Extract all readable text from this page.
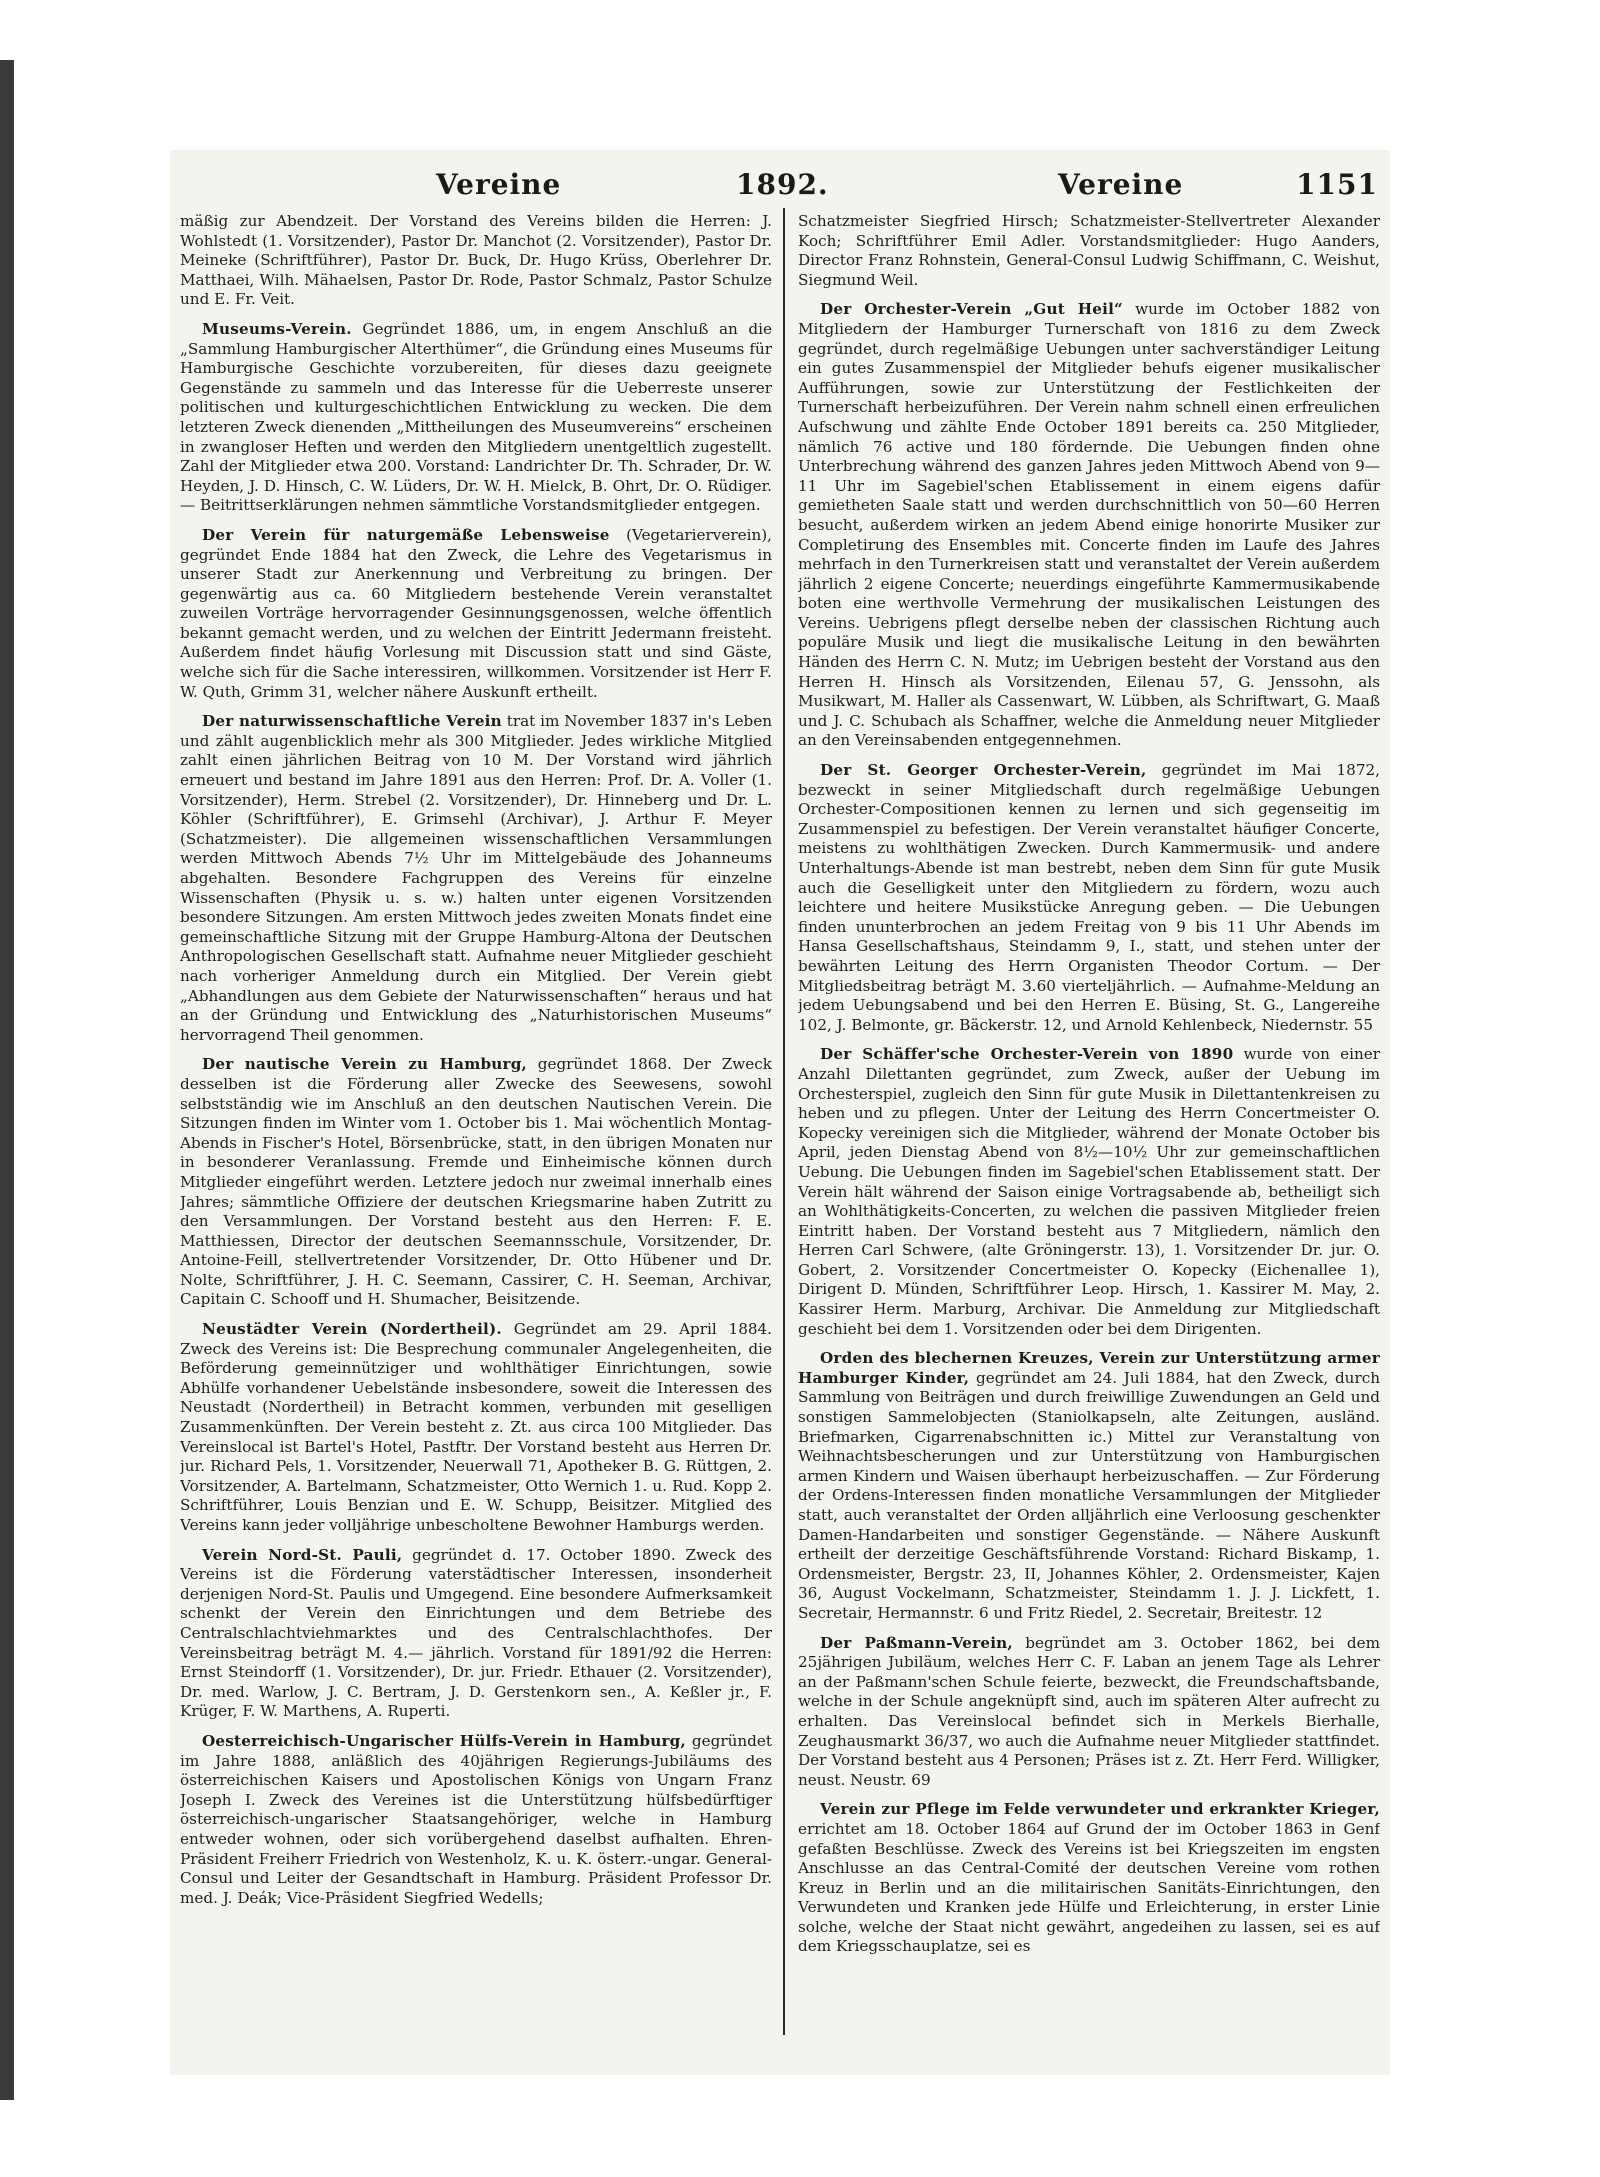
Vereine	1892.	Vereine	1151

mäßig zur Abendzeit. Der Vorstand des Vereins bilden die Herren: J. Wohlstedt (1. Vorsitzender), Pastor Dr. Manchot (2. Vorsitzender), Pastor Dr. Meineke (Schriftführer), Pastor Dr. Buck, Dr. Hugo Krüss, Oberlehrer Dr. Matthaei, Wilh. Mähaelsen, Pastor Dr. Rode, Pastor Schmalz, Pastor Schulze und E. Fr. Veit.

Museums-Verein. Gegründet 1886, um, in engem Anschluß an die „Sammlung Hamburgischer Alterthümer“, die Gründung eines Museums für Hamburgische Geschichte vorzubereiten, für dieses dazu geeignete Gegenstände zu sammeln und das Interesse für die Ueberreste unserer politischen und kulturgeschichtlichen Entwicklung zu wecken. Die dem letzteren Zweck dienenden „Mittheilungen des Museumvereins“ erscheinen in zwangloser Heften und werden den Mitgliedern unentgeltlich zugestellt. Zahl der Mitglieder etwa 200. Vorstand: Landrichter Dr. Th. Schrader, Dr. W. Heyden, J. D. Hinsch, C. W. Lüders, Dr. W. H. Mielck, B. Ohrt, Dr. O. Rüdiger. — Beitrittserklärungen nehmen sämmtliche Vorstandsmitglieder entgegen.

Der Verein für naturgemäße Lebensweise (Vegetarierverein), gegründet Ende 1884 hat den Zweck, die Lehre des Vegetarismus in unserer Stadt zur Anerkennung und Verbreitung zu bringen. Der gegenwärtig aus ca. 60 Mitgliedern bestehende Verein veranstaltet zuweilen Vorträge hervorragender Gesinnungsgenossen, welche öffentlich bekannt gemacht werden, und zu welchen der Eintritt Jedermann freisteht. Außerdem findet häufig Vorlesung mit Discussion statt und sind Gäste, welche sich für die Sache interessiren, willkommen. Vorsitzender ist Herr F. W. Quth, Grimm 31, welcher nähere Auskunft ertheilt.

Der naturwissenschaftliche Verein trat im November 1837 in's Leben und zählt augenblicklich mehr als 300 Mitglieder. Jedes wirkliche Mitglied zahlt einen jährlichen Beitrag von 10 M. Der Vorstand wird jährlich erneuert und bestand im Jahre 1891 aus den Herren: Prof. Dr. A. Voller (1. Vorsitzender), Herm. Strebel (2. Vorsitzender), Dr. Hinneberg und Dr. L. Köhler (Schriftführer), E. Grimsehl (Archivar), J. Arthur F. Meyer (Schatzmeister). Die allgemeinen wissenschaftlichen Versammlungen werden Mittwoch Abends 7½ Uhr im Mittelgebäude des Johanneums abgehalten. Besondere Fachgruppen des Vereins für einzelne Wissenschaften (Physik u. s. w.) halten unter eigenen Vorsitzenden besondere Sitzungen. Am ersten Mittwoch jedes zweiten Monats findet eine gemeinschaftliche Sitzung mit der Gruppe Hamburg-Altona der Deutschen Anthropologischen Gesellschaft statt. Aufnahme neuer Mitglieder geschieht nach vorheriger Anmeldung durch ein Mitglied. Der Verein giebt „Abhandlungen aus dem Gebiete der Naturwissenschaften“ heraus und hat an der Gründung und Entwicklung des „Naturhistorischen Museums“ hervorragend Theil genommen.

Der nautische Verein zu Hamburg, gegründet 1868. Der Zweck desselben ist die Förderung aller Zwecke des Seewesens, sowohl selbstständig wie im Anschluß an den deutschen Nautischen Verein. Die Sitzungen finden im Winter vom 1. October bis 1. Mai wöchentlich Montag-Abends in Fischer's Hotel, Börsenbrücke, statt, in den übrigen Monaten nur in besonderer Veranlassung. Fremde und Einheimische können durch Mitglieder eingeführt werden. Letztere jedoch nur zweimal innerhalb eines Jahres; sämmtliche Offiziere der deutschen Kriegsmarine haben Zutritt zu den Versammlungen. Der Vorstand besteht aus den Herren: F. E. Matthiessen, Director der deutschen Seemannsschule, Vorsitzender, Dr. Antoine-Feill, stellvertretender Vorsitzender, Dr. Otto Hübener und Dr. Nolte, Schriftführer, J. H. C. Seemann, Cassirer, C. H. Seeman, Archivar, Capitain C. Schooff und H. Shumacher, Beisitzende.

Neustädter Verein (Nordertheil). Gegründet am 29. April 1884. Zweck des Vereins ist: Die Besprechung communaler Angelegenheiten, die Beförderung gemeinnütziger und wohlthätiger Einrichtungen, sowie Abhülfe vorhandener Uebelstände insbesondere, soweit die Interessen des Neustadt (Nordertheil) in Betracht kommen, verbunden mit geselligen Zusammenkünften. Der Verein besteht z. Zt. aus circa 100 Mitglieder. Das Vereinslocal ist Bartel's Hotel, Pastftr. Der Vorstand besteht aus Herren Dr. jur. Richard Pels, 1. Vorsitzender, Neuerwall 71, Apotheker B. G. Rüttgen, 2. Vorsitzender, A. Bartelmann, Schatzmeister, Otto Wernich 1. u. Rud. Kopp 2. Schriftführer, Louis Benzian und E. W. Schupp, Beisitzer. Mitglied des Vereins kann jeder volljährige unbescholtene Bewohner Hamburgs werden.

Verein Nord-St. Pauli, gegründet d. 17. October 1890. Zweck des Vereins ist die Förderung vaterstädtischer Interessen, insonderheit derjenigen Nord-St. Paulis und Umgegend. Eine besondere Aufmerksamkeit schenkt der Verein den Einrichtungen und dem Betriebe des Centralschlachtviehmarktes und des Centralschlachthofes. Der Vereinsbeitrag beträgt M. 4.— jährlich. Vorstand für 1891/92 die Herren: Ernst Steindorff (1. Vorsitzender), Dr. jur. Friedr. Ethauer (2. Vorsitzender), Dr. med. Warlow, J. C. Bertram, J. D. Gerstenkorn sen., A. Keßler jr., F. Krüger, F. W. Marthens, A. Ruperti.

Oesterreichisch-Ungarischer Hülfs-Verein in Hamburg, gegründet im Jahre 1888, anläßlich des 40jährigen Regierungs-Jubiläums des österreichischen Kaisers und Apostolischen Königs von Ungarn Franz Joseph I. Zweck des Vereines ist die Unterstützung hülfsbedürftiger österreichisch-ungarischer Staatsangehöriger, welche in Hamburg entweder wohnen, oder sich vorübergehend daselbst aufhalten. Ehren-Präsident Freiherr Friedrich von Westenholz, K. u. K. österr.-ungar. General-Consul und Leiter der Gesandtschaft in Hamburg. Präsident Professor Dr. med. J. Deák; Vice-Präsident Siegfried Wedells;

Schatzmeister Siegfried Hirsch; Schatzmeister-Stellvertreter Alexander Koch; Schriftführer Emil Adler. Vorstandsmitglieder: Hugo Aanders, Director Franz Rohnstein, General-Consul Ludwig Schiffmann, C. Weishut, Siegmund Weil.

Der Orchester-Verein „Gut Heil“ wurde im October 1882 von Mitgliedern der Hamburger Turnerschaft von 1816 zu dem Zweck gegründet, durch regelmäßige Uebungen unter sachverständiger Leitung ein gutes Zusammenspiel der Mitglieder behufs eigener musikalischer Aufführungen, sowie zur Unterstützung der Festlichkeiten der Turnerschaft herbeizuführen. Der Verein nahm schnell einen erfreulichen Aufschwung und zählte Ende October 1891 bereits ca. 250 Mitglieder, nämlich 76 active und 180 fördernde. Die Uebungen finden ohne Unterbrechung während des ganzen Jahres jeden Mittwoch Abend von 9—11 Uhr im Sagebiel'schen Etablissement in einem eigens dafür gemietheten Saale statt und werden durchschnittlich von 50—60 Herren besucht, außerdem wirken an jedem Abend einige honorirte Musiker zur Completirung des Ensembles mit. Concerte finden im Laufe des Jahres mehrfach in den Turnerkreisen statt und veranstaltet der Verein außerdem jährlich 2 eigene Concerte; neuerdings eingeführte Kammermusikabende boten eine werthvolle Vermehrung der musikalischen Leistungen des Vereins. Uebrigens pflegt derselbe neben der classischen Richtung auch populäre Musik und liegt die musikalische Leitung in den bewährten Händen des Herrn C. N. Mutz; im Uebrigen besteht der Vorstand aus den Herren H. Hinsch als Vorsitzenden, Eilenau 57, G. Jenssohn, als Musikwart, M. Haller als Cassenwart, W. Lübben, als Schriftwart, G. Maaß und J. C. Schubach als Schaffner, welche die Anmeldung neuer Mitglieder an den Vereinsabenden entgegennehmen.

Der St. Georger Orchester-Verein, gegründet im Mai 1872, bezweckt in seiner Mitgliedschaft durch regelmäßige Uebungen Orchester-Compositionen kennen zu lernen und sich gegenseitig im Zusammenspiel zu befestigen. Der Verein veranstaltet häufiger Concerte, meistens zu wohlthätigen Zwecken. Durch Kammermusik- und andere Unterhaltungs-Abende ist man bestrebt, neben dem Sinn für gute Musik auch die Geselligkeit unter den Mitgliedern zu fördern, wozu auch leichtere und heitere Musikstücke Anregung geben. — Die Uebungen finden ununterbrochen an jedem Freitag von 9 bis 11 Uhr Abends im Hansa Gesellschaftshaus, Steindamm 9, I., statt, und stehen unter der bewährten Leitung des Herrn Organisten Theodor Cortum. — Der Mitgliedsbeitrag beträgt M. 3.60 vierteljährlich. — Aufnahme-Meldung an jedem Uebungsabend und bei den Herren E. Büsing, St. G., Langereihe 102, J. Belmonte, gr. Bäckerstr. 12, und Arnold Kehlenbeck, Niedernstr. 55

Der Schäffer'sche Orchester-Verein von 1890 wurde von einer Anzahl Dilettanten gegründet, zum Zweck, außer der Uebung im Orchesterspiel, zugleich den Sinn für gute Musik in Dilettantenkreisen zu heben und zu pflegen. Unter der Leitung des Herrn Concertmeister O. Kopecky vereinigen sich die Mitglieder, während der Monate October bis April, jeden Dienstag Abend von 8½—10½ Uhr zur gemeinschaftlichen Uebung. Die Uebungen finden im Sagebiel'schen Etablissement statt. Der Verein hält während der Saison einige Vortragsabende ab, betheiligt sich an Wohlthätigkeits-Concerten, zu welchen die passiven Mitglieder freien Eintritt haben. Der Vorstand besteht aus 7 Mitgliedern, nämlich den Herren Carl Schwere, (alte Gröningerstr. 13), 1. Vorsitzender Dr. jur. O. Gobert, 2. Vorsitzender Concertmeister O. Kopecky (Eichenallee 1), Dirigent D. Münden, Schriftführer Leop. Hirsch, 1. Kassirer M. May, 2. Kassirer Herm. Marburg, Archivar. Die Anmeldung zur Mitgliedschaft geschieht bei dem 1. Vorsitzenden oder bei dem Dirigenten.

Orden des blechernen Kreuzes, Verein zur Unterstützung armer Hamburger Kinder, gegründet am 24. Juli 1884, hat den Zweck, durch Sammlung von Beiträgen und durch freiwillige Zuwendungen an Geld und sonstigen Sammelobjecten (Staniolkapseln, alte Zeitungen, ausländ. Briefmarken, Cigarrenabschnitten ic.) Mittel zur Veranstaltung von Weihnachtsbescherungen und zur Unterstützung von Hamburgischen armen Kindern und Waisen überhaupt herbeizuschaffen. — Zur Förderung der Ordens-Interessen finden monatliche Versammlungen der Mitglieder statt, auch veranstaltet der Orden alljährlich eine Verloosung geschenkter Damen-Handarbeiten und sonstiger Gegenstände. — Nähere Auskunft ertheilt der derzeitige Geschäftsführende Vorstand: Richard Biskamp, 1. Ordensmeister, Bergstr. 23, II, Johannes Köhler, 2. Ordensmeister, Kajen 36, August Vockelmann, Schatzmeister, Steindamm 1. J. J. Lickfett, 1. Secretair, Hermannstr. 6 und Fritz Riedel, 2. Secretair, Breitestr. 12

Der Paßmann-Verein, begründet am 3. October 1862, bei dem 25jährigen Jubiläum, welches Herr C. F. Laban an jenem Tage als Lehrer an der Paßmann'schen Schule feierte, bezweckt, die Freundschaftsbande, welche in der Schule angeknüpft sind, auch im späteren Alter aufrecht zu erhalten. Das Vereinslocal befindet sich in Merkels Bierhalle, Zeughausmarkt 36/37, wo auch die Aufnahme neuer Mitglieder stattfindet. Der Vorstand besteht aus 4 Personen; Präses ist z. Zt. Herr Ferd. Willigker, neust. Neustr. 69

Verein zur Pflege im Felde verwundeter und erkrankter Krieger, errichtet am 18. October 1864 auf Grund der im October 1863 in Genf gefaßten Beschlüsse. Zweck des Vereins ist bei Kriegszeiten im engsten Anschlusse an das Central-Comité der deutschen Vereine vom rothen Kreuz in Berlin und an die militairischen Sanitäts-Einrichtungen, den Verwundeten und Kranken jede Hülfe und Erleichterung, in erster Linie solche, welche der Staat nicht gewährt, angedeihen zu lassen, sei es auf dem Kriegsschauplatze, sei es
